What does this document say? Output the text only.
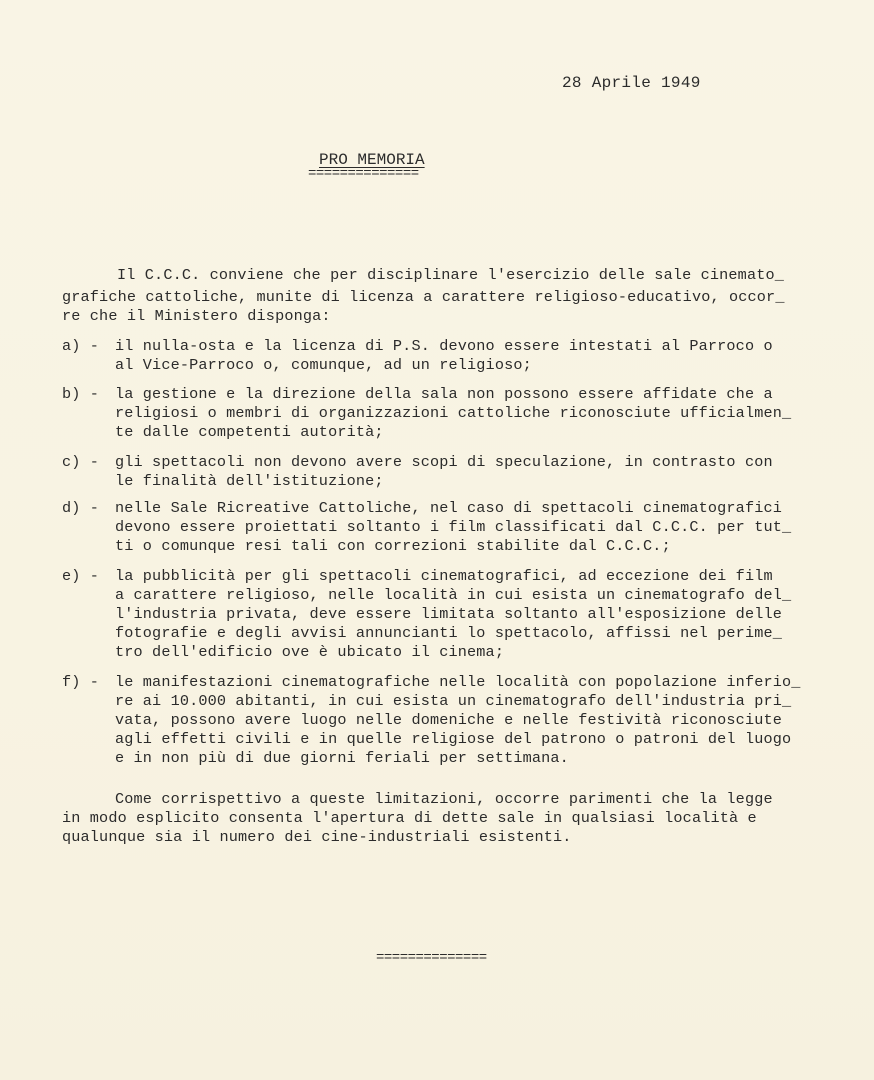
28 Aprile 1949
PRO MEMORIA
==============
Il C.C.C. conviene che per disciplinare l'esercizio delle sale cinemato_
grafiche cattoliche, munite di licenza a carattere religioso-educativo, occor_
re che il Ministero disponga:
a) - il nulla-osta e la licenza di P.S. devono essere intestati al Parroco o
al Vice-Parroco o, comunque, ad un religioso;
b) - la gestione e la direzione della sala non possono essere affidate che a
religiosi o membri di organizzazioni cattoliche riconosciute ufficialmen_
te dalle competenti autorità;
c) - gli spettacoli non devono avere scopi di speculazione, in contrasto con
le finalità dell'istituzione;
d) - nelle Sale Ricreative Cattoliche, nel caso di spettacoli cinematografici
devono essere proiettati soltanto i film classificati dal C.C.C. per tut_
ti o comunque resi tali con correzioni stabilite dal C.C.C.;
e) - la pubblicità per gli spettacoli cinematografici, ad eccezione dei film
a carattere religioso, nelle località in cui esista un cinematografo del_
l'industria privata, deve essere limitata soltanto all'esposizione delle
fotografie e degli avvisi annuncianti lo spettacolo, affissi nel perime_
tro dell'edificio ove è ubicato il cinema;
f) - le manifestazioni cinematografiche nelle località con popolazione inferio_
re ai 10.000 abitanti, in cui esista un cinematografo dell'industria pri_
vata, possono avere luogo nelle domeniche e nelle festività riconosciute
agli effetti civili e in quelle religiose del patrono o patroni del luogo
e in non più di due giorni feriali per settimana.
Come corrispettivo a queste limitazioni, occorre parimenti che la legge
in modo esplicito consenta l'apertura di dette sale in qualsiasi località e
qualunque sia il numero dei cine-industriali esistenti.
==============
